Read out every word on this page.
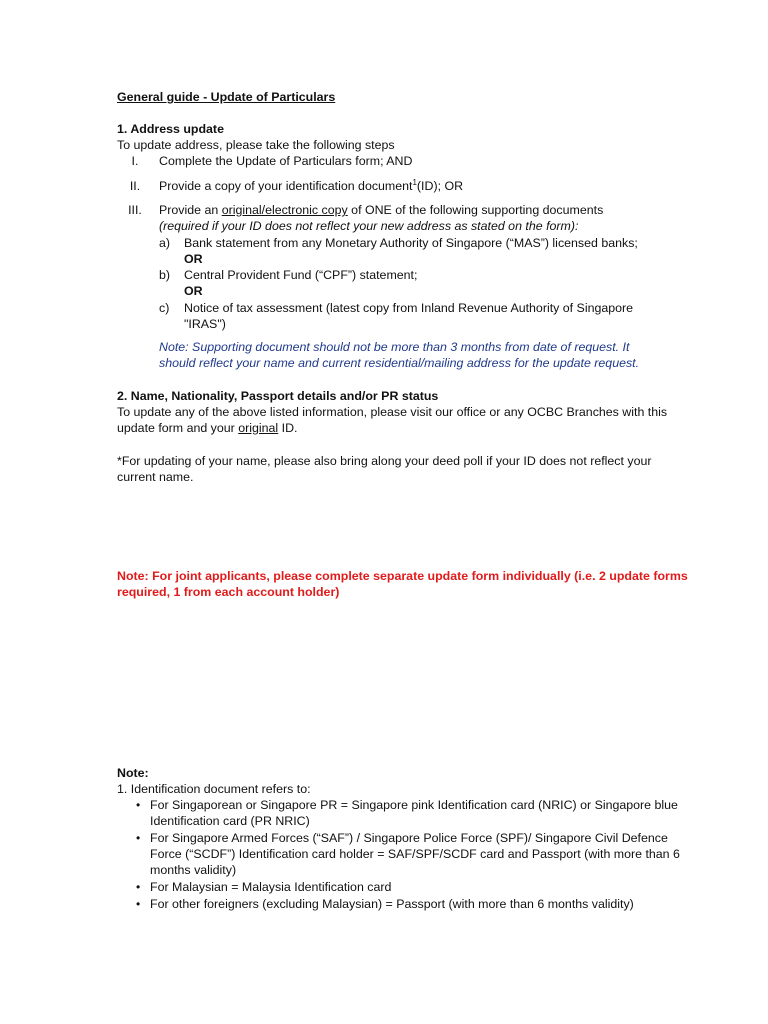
General guide - Update of Particulars
1. Address update
To update address, please take the following steps
I.	Complete the Update of Particulars form; AND
II.	Provide a copy of your identification document$^1$(ID); OR
III.	Provide an original/electronic copy of ONE of the following supporting documents
(required if your ID does not reflect your new address as stated on the form):
a) Bank statement from any Monetary Authority of Singapore (“MAS”) licensed banks;
OR
b) Central Provident Fund (“CPF”) statement;
OR
c) Notice of tax assessment (latest copy from Inland Revenue Authority of Singapore
"IRAS")
Note: Supporting document should not be more than 3 months from date of request. It
should reflect your name and current residential/mailing address for the update request.
2. Name, Nationality, Passport details and/or PR status
To update any of the above listed information, please visit our office or any OCBC Branches with this
update form and your original ID.
*For updating of your name, please also bring along your deed poll if your ID does not reflect your
current name.
Note: For joint applicants, please complete separate update form individually (i.e. 2 update forms
required, 1 from each account holder)
Note:
1. Identification document refers to:
• For Singaporean or Singapore PR = Singapore pink Identification card (NRIC) or Singapore blue
Identification card (PR NRIC)
• For Singapore Armed Forces (“SAF”) / Singapore Police Force (SPF)/ Singapore Civil Defence
Force (“SCDF”) Identification card holder = SAF/SPF/SCDF card and Passport (with more than 6
months validity)
• For Malaysian = Malaysia Identification card
• For other foreigners (excluding Malaysian) = Passport (with more than 6 months validity)
